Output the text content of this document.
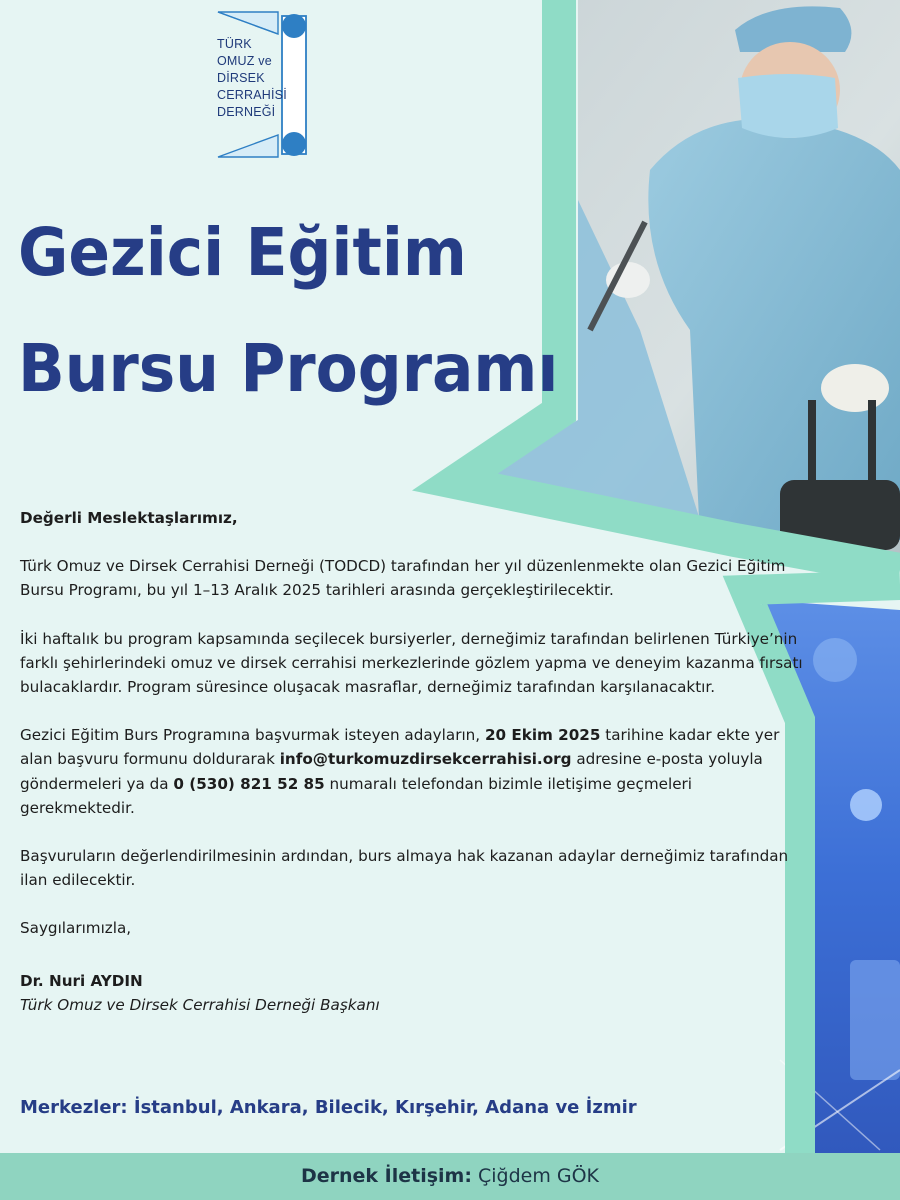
TÜRK
OMUZ ve
DİRSEK
CERRAHİSİ
DERNEĞİ
Gezici Eğitim
Bursu Programı

Değerli Meslektaşlarımız,

Türk Omuz ve Dirsek Cerrahisi Derneği (TODCD) tarafından her yıl düzenlenmekte olan Gezici Eğitim Bursu Programı, bu yıl 1–13 Aralık 2025 tarihleri arasında gerçekleştirilecektir.

İki haftalık bu program kapsamında seçilecek bursiyerler, derneğimiz tarafından belirlenen Türkiye’nin farklı şehirlerindeki omuz ve dirsek cerrahisi merkezlerinde gözlem yapma ve deneyim kazanma fırsatı bulacaklardır. Program süresince oluşacak masraflar, derneğimiz tarafından karşılanacaktır.

Gezici Eğitim Burs Programına başvurmak isteyen adayların, 20 Ekim 2025 tarihine kadar ekte yer alan başvuru formunu doldurarak info@turkomuzdirsekcerrahisi.org adresine e-posta yoluyla göndermeleri ya da 0 (530) 821 52 85 numaralı telefondan bizimle iletişime geçmeleri gerekmektedir.

Başvuruların değerlendirilmesinin ardından, burs almaya hak kazanan adaylar derneğimiz tarafından ilan edilecektir.

Saygılarımızla,

Dr. Nuri AYDIN

Türk Omuz ve Dirsek Cerrahisi Derneği Başkanı

Merkezler: İstanbul, Ankara, Bilecik, Kırşehir, Adana ve İzmir
Dernek İletişim: Çiğdem GÖK
